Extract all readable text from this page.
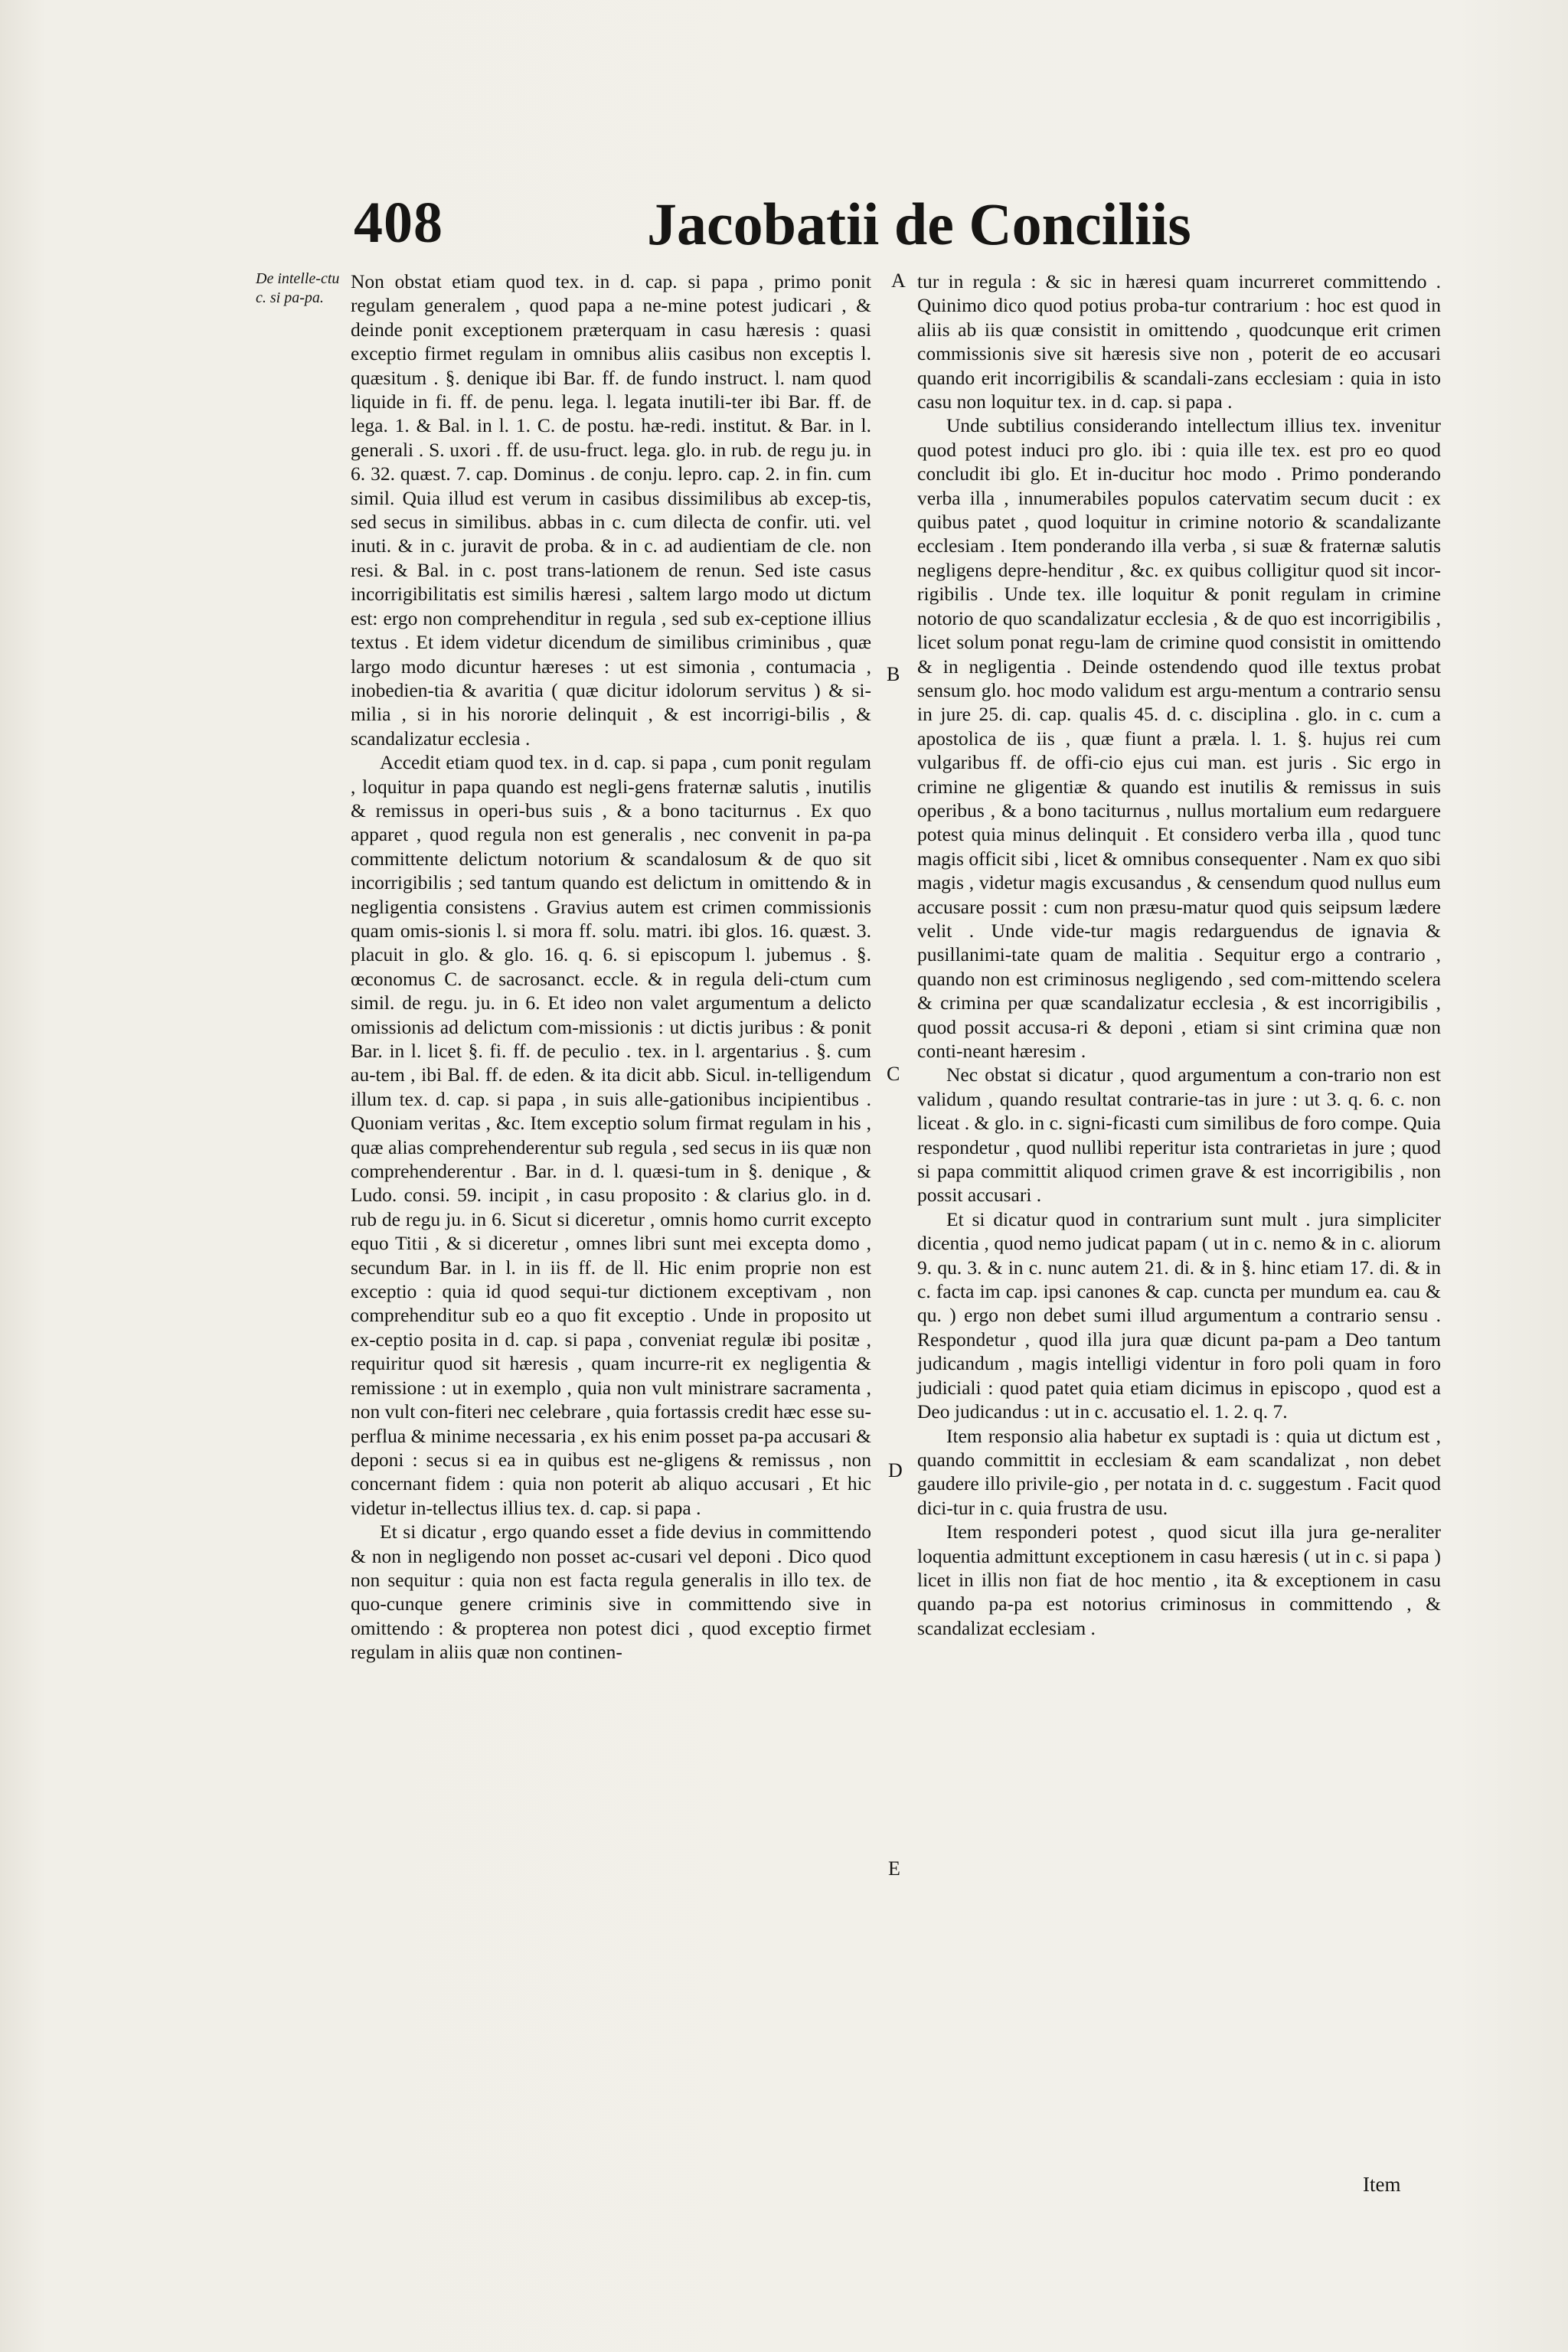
408	Jacobatii de Conciliis
De intelle-ctu c. si pa-pa.

Non obstat etiam quod tex. in d. cap. si papa , primo ponit regulam generalem , quod papa a ne-mine potest judicari , & deinde ponit exceptionem præterquam in casu hæresis : quasi exceptio firmet regulam in omnibus aliis casibus non exceptis l. quæsitum . §. denique ibi Bar. ff. de fundo instruct. l. nam quod liquide in fi. ff. de penu. lega. l. legata inutili-ter ibi Bar. ff. de lega. 1. & Bal. in l. 1. C. de postu. hæ-redi. institut. & Bar. in l. generali . S. uxori . ff. de usu-fruct. lega. glo. in rub. de regu ju. in 6. 32. quæst. 7. cap. Dominus . de conju. lepro. cap. 2. in fin. cum simil. Quia illud est verum in casibus dissimilibus ab excep-tis, sed secus in similibus. abbas in c. cum dilecta de confir. uti. vel inuti. & in c. juravit de proba. & in c. ad audientiam de cle. non resi. & Bal. in c. post trans-lationem de renun. Sed iste casus incorrigibilitatis est similis hæresi , saltem largo modo ut dictum est: ergo non comprehenditur in regula , sed sub ex-ceptione illius textus . Et idem videtur dicendum de similibus criminibus , quæ largo modo dicuntur hæreses : ut est simonia , contumacia , inobedien-tia & avaritia ( quæ dicitur idolorum servitus ) & si-milia , si in his nororie delinquit , & est incorrigi-bilis , & scandalizatur ecclesia .

Accedit etiam quod tex. in d. cap. si papa , cum ponit regulam , loquitur in papa quando est negli-gens fraternæ salutis , inutilis & remissus in operi-bus suis , & a bono taciturnus . Ex quo apparet , quod regula non est generalis , nec convenit in pa-pa committente delictum notorium & scandalosum & de quo sit incorrigibilis ; sed tantum quando est delictum in omittendo & in negligentia consistens . Gravius autem est crimen commissionis quam omis-sionis l. si mora ff. solu. matri. ibi glos. 16. quæst. 3. placuit in glo. & glo. 16. q. 6. si episcopum l. jubemus . §. œconomus C. de sacrosanct. eccle. & in regula deli-ctum cum simil. de regu. ju. in 6. Et ideo non valet argumentum a delicto omissionis ad delictum com-missionis : ut dictis juribus : & ponit Bar. in l. licet §. fi. ff. de peculio . tex. in l. argentarius . §. cum au-tem , ibi Bal. ff. de eden. & ita dicit abb. Sicul. in-telligendum illum tex. d. cap. si papa , in suis alle-gationibus incipientibus . Quoniam veritas , &c. Item exceptio solum firmat regulam in his , quæ alias comprehenderentur sub regula , sed secus in iis quæ non comprehenderentur . Bar. in d. l. quæsi-tum in §. denique , & Ludo. consi. 59. incipit , in casu proposito : & clarius glo. in d. rub de regu ju. in 6. Sicut si diceretur , omnis homo currit excepto equo Titii , & si diceretur , omnes libri sunt mei excepta domo , secundum Bar. in l. in iis ff. de ll. Hic enim proprie non est exceptio : quia id quod sequi-tur dictionem exceptivam , non comprehenditur sub eo a quo fit exceptio . Unde in proposito ut ex-ceptio posita in d. cap. si papa , conveniat regulæ ibi positæ , requiritur quod sit hæresis , quam incurre-rit ex negligentia & remissione : ut in exemplo , quia non vult ministrare sacramenta , non vult con-fiteri nec celebrare , quia fortassis credit hæc esse su-perflua & minime necessaria , ex his enim posset pa-pa accusari & deponi : secus si ea in quibus est ne-gligens & remissus , non concernant fidem : quia non poterit ab aliquo accusari , Et hic videtur in-tellectus illius tex. d. cap. si papa .

Et si dicatur , ergo quando esset a fide devius in committendo & non in negligendo non posset ac-cusari vel deponi . Dico quod non sequitur : quia non est facta regula generalis in illo tex. de quo-cunque genere criminis sive in committendo sive in omittendo : & propterea non potest dici , quod exceptio firmet regulam in aliis quæ non continen-

A
B
C
D
E

tur in regula : & sic in hæresi quam incurreret committendo . Quinimo dico quod potius proba-tur contrarium : hoc est quod in aliis ab iis quæ consistit in omittendo , quodcunque erit crimen commissionis sive sit hæresis sive non , poterit de eo accusari quando erit incorrigibilis & scandali-zans ecclesiam : quia in isto casu non loquitur tex. in d. cap. si papa .

Unde subtilius considerando intellectum illius tex. invenitur quod potest induci pro glo. ibi : quia ille tex. est pro eo quod concludit ibi glo. Et in-ducitur hoc modo . Primo ponderando verba illa , innumerabiles populos catervatim secum ducit : ex quibus patet , quod loquitur in crimine notorio & scandalizante ecclesiam . Item ponderando illa verba , si suæ & fraternæ salutis negligens depre-henditur , &c. ex quibus colligitur quod sit incor-rigibilis . Unde tex. ille loquitur & ponit regulam in crimine notorio de quo scandalizatur ecclesia , & de quo est incorrigibilis , licet solum ponat regu-lam de crimine quod consistit in omittendo & in negligentia . Deinde ostendendo quod ille textus probat sensum glo. hoc modo validum est argu-mentum a contrario sensu in jure 25. di. cap. qualis 45. d. c. disciplina . glo. in c. cum a apostolica de iis , quæ fiunt a præla. l. 1. §. hujus rei cum vulgaribus ff. de offi-cio ejus cui man. est juris . Sic ergo in crimine ne gligentiæ & quando est inutilis & remissus in suis operibus , & a bono taciturnus , nullus mortalium eum redarguere potest quia minus delinquit . Et considero verba illa , quod tunc magis officit sibi , licet & omnibus consequenter . Nam ex quo sibi magis , videtur magis excusandus , & censendum quod nullus eum accusare possit : cum non præsu-matur quod quis seipsum lædere velit . Unde vide-tur magis redarguendus de ignavia & pusillanimi-tate quam de malitia . Sequitur ergo a contrario , quando non est criminosus negligendo , sed com-mittendo scelera & crimina per quæ scandalizatur ecclesia , & est incorrigibilis , quod possit accusa-ri & deponi , etiam si sint crimina quæ non conti-neant hæresim .

Nec obstat si dicatur , quod argumentum a con-trario non est validum , quando resultat contrarie-tas in jure : ut 3. q. 6. c. non liceat . & glo. in c. signi-ficasti cum similibus de foro compe. Quia respondetur , quod nullibi reperitur ista contrarietas in jure ; quod si papa committit aliquod crimen grave & est incorrigibilis , non possit accusari .

Et si dicatur quod in contrarium sunt mult . jura simpliciter dicentia , quod nemo judicat papam ( ut in c. nemo & in c. aliorum 9. qu. 3. & in c. nunc autem 21. di. & in §. hinc etiam 17. di. & in c. facta im cap. ipsi canones & cap. cuncta per mundum ea. cau & qu. ) ergo non debet sumi illud argumentum a contrario sensu . Respondetur , quod illa jura quæ dicunt pa-pam a Deo tantum judicandum , magis intelligi videntur in foro poli quam in foro judiciali : quod patet quia etiam dicimus in episcopo , quod est a Deo judicandus : ut in c. accusatio el. 1. 2. q. 7.

Item responsio alia habetur ex suptadi is : quia ut dictum est , quando committit in ecclesiam & eam scandalizat , non debet gaudere illo privile-gio , per notata in d. c. suggestum . Facit quod dici-tur in c. quia frustra de usu.

Item responderi potest , quod sicut illa jura ge-neraliter loquentia admittunt exceptionem in casu hæresis ( ut in c. si papa ) licet in illis non fiat de hoc mentio , ita & exceptionem in casu quando pa-pa est notorius criminosus in committendo , & scandalizat ecclesiam .

Item
